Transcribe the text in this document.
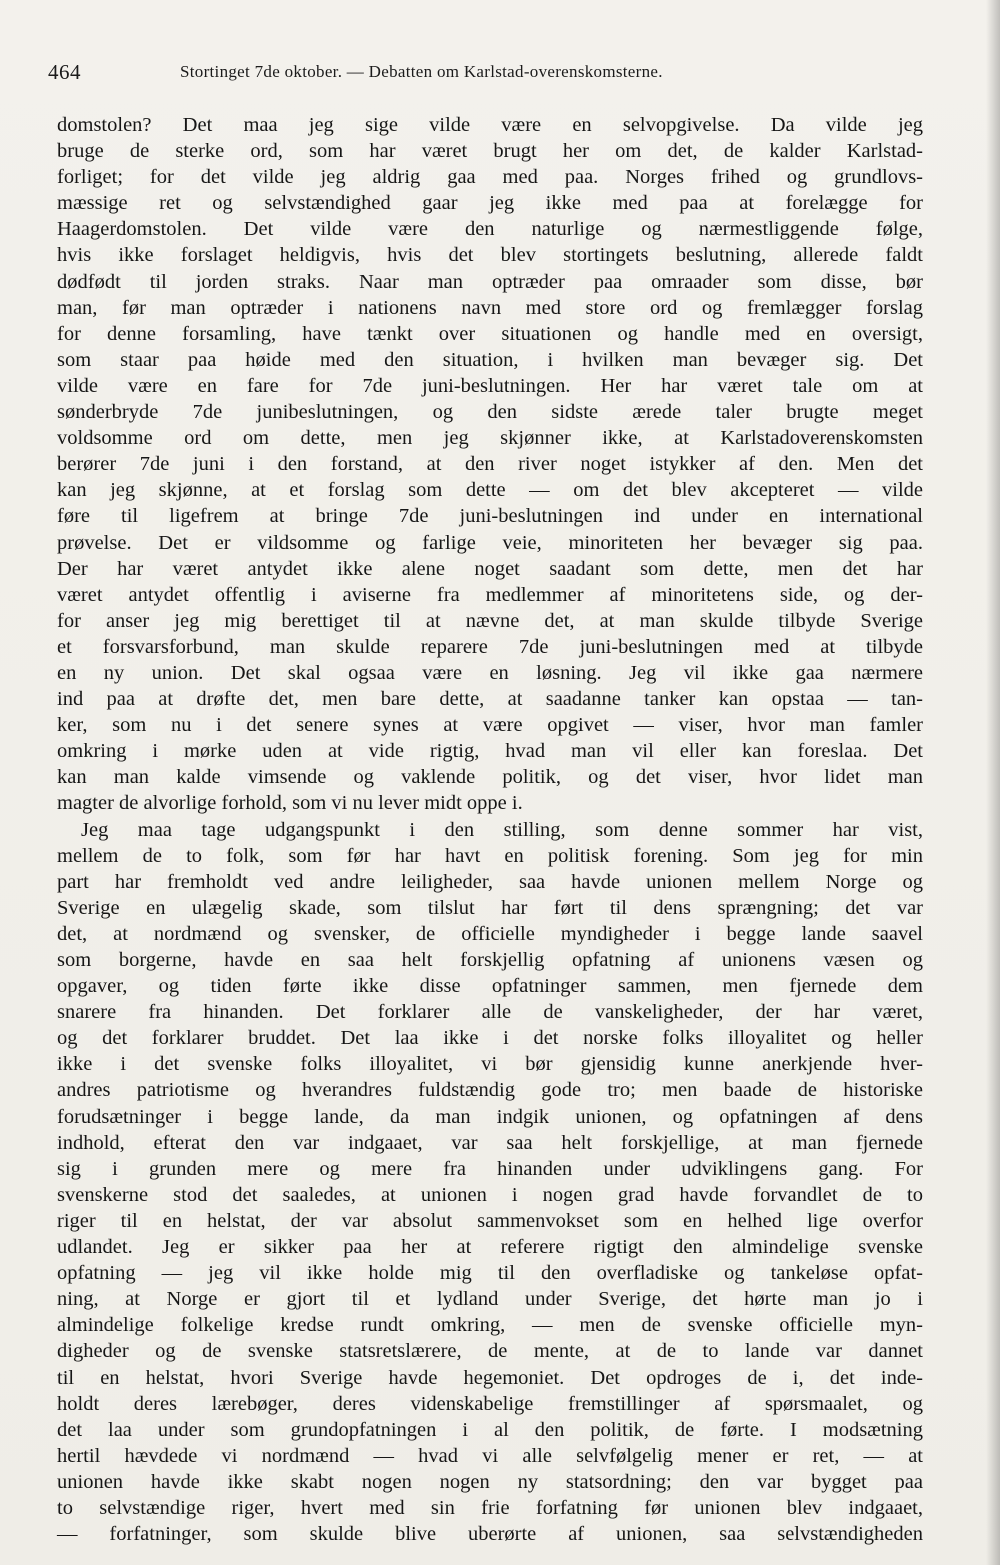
464	Stortinget 7de oktober. — Debatten om Karlstad-overenskomsterne.
domstolen? Det maa jeg sige vilde være en selvopgivelse. Da vilde jeg
bruge de sterke ord, som har været brugt her om det, de kalder Karlstad-
forliget; for det vilde jeg aldrig gaa med paa. Norges frihed og grundlovs-
mæssige ret og selvstændighed gaar jeg ikke med paa at forelægge for
Haagerdomstolen. Det vilde være den naturlige og nærmestliggende følge,
hvis ikke forslaget heldigvis, hvis det blev stortingets beslutning, allerede faldt
dødfødt til jorden straks. Naar man optræder paa omraader som disse, bør
man, før man optræder i nationens navn med store ord og fremlægger forslag
for denne forsamling, have tænkt over situationen og handle med en oversigt,
som staar paa høide med den situation, i hvilken man bevæger sig. Det
vilde være en fare for 7de juni-beslutningen. Her har været tale om at
sønderbryde 7de junibeslutningen, og den sidste ærede taler brugte meget
voldsomme ord om dette, men jeg skjønner ikke, at Karlstadoverenskomsten
berører 7de juni i den forstand, at den river noget istykker af den. Men det
kan jeg skjønne, at et forslag som dette — om det blev akcepteret — vilde
føre til ligefrem at bringe 7de juni-beslutningen ind under en international
prøvelse. Det er vildsomme og farlige veie, minoriteten her bevæger sig paa.
Der har været antydet ikke alene noget saadant som dette, men det har
været antydet offentlig i aviserne fra medlemmer af minoritetens side, og der-
for anser jeg mig berettiget til at nævne det, at man skulde tilbyde Sverige
et forsvarsforbund, man skulde reparere 7de juni-beslutningen med at tilbyde
en ny union. Det skal ogsaa være en løsning. Jeg vil ikke gaa nærmere
ind paa at drøfte det, men bare dette, at saadanne tanker kan opstaa — tan-
ker, som nu i det senere synes at være opgivet — viser, hvor man famler
omkring i mørke uden at vide rigtig, hvad man vil eller kan foreslaa. Det
kan man kalde vimsende og vaklende politik, og det viser, hvor lidet man
magter de alvorlige forhold, som vi nu lever midt oppe i.
Jeg maa tage udgangspunkt i den stilling, som denne sommer har vist,
mellem de to folk, som før har havt en politisk forening. Som jeg for min
part har fremholdt ved andre leiligheder, saa havde unionen mellem Norge og
Sverige en ulægelig skade, som tilslut har ført til dens sprængning; det var
det, at nordmænd og svensker, de officielle myndigheder i begge lande saavel
som borgerne, havde en saa helt forskjellig opfatning af unionens væsen og
opgaver, og tiden førte ikke disse opfatninger sammen, men fjernede dem
snarere fra hinanden. Det forklarer alle de vanskeligheder, der har været,
og det forklarer bruddet. Det laa ikke i det norske folks illoyalitet og heller
ikke i det svenske folks illoyalitet, vi bør gjensidig kunne anerkjende hver-
andres patriotisme og hverandres fuldstændig gode tro; men baade de historiske
forudsætninger i begge lande, da man indgik unionen, og opfatningen af dens
indhold, efterat den var indgaaet, var saa helt forskjellige, at man fjernede
sig i grunden mere og mere fra hinanden under udviklingens gang. For
svenskerne stod det saaledes, at unionen i nogen grad havde forvandlet de to
riger til en helstat, der var absolut sammenvokset som en helhed lige overfor
udlandet. Jeg er sikker paa her at referere rigtigt den almindelige svenske
opfatning — jeg vil ikke holde mig til den overfladiske og tankeløse opfat-
ning, at Norge er gjort til et lydland under Sverige, det hørte man jo i
almindelige folkelige kredse rundt omkring, — men de svenske officielle myn-
digheder og de svenske statsretslærere, de mente, at de to lande var dannet
til en helstat, hvori Sverige havde hegemoniet. Det opdroges de i, det inde-
holdt deres lærebøger, deres videnskabelige fremstillinger af spørsmaalet, og
det laa under som grundopfatningen i al den politik, de førte. I modsætning
hertil hævdede vi nordmænd — hvad vi alle selvfølgelig mener er ret, — at
unionen havde ikke skabt nogen nogen ny statsordning; den var bygget paa
to selvstændige riger, hvert med sin frie forfatning før unionen blev indgaaet,
— forfatninger, som skulde blive uberørte af unionen, saa selvstændigheden
